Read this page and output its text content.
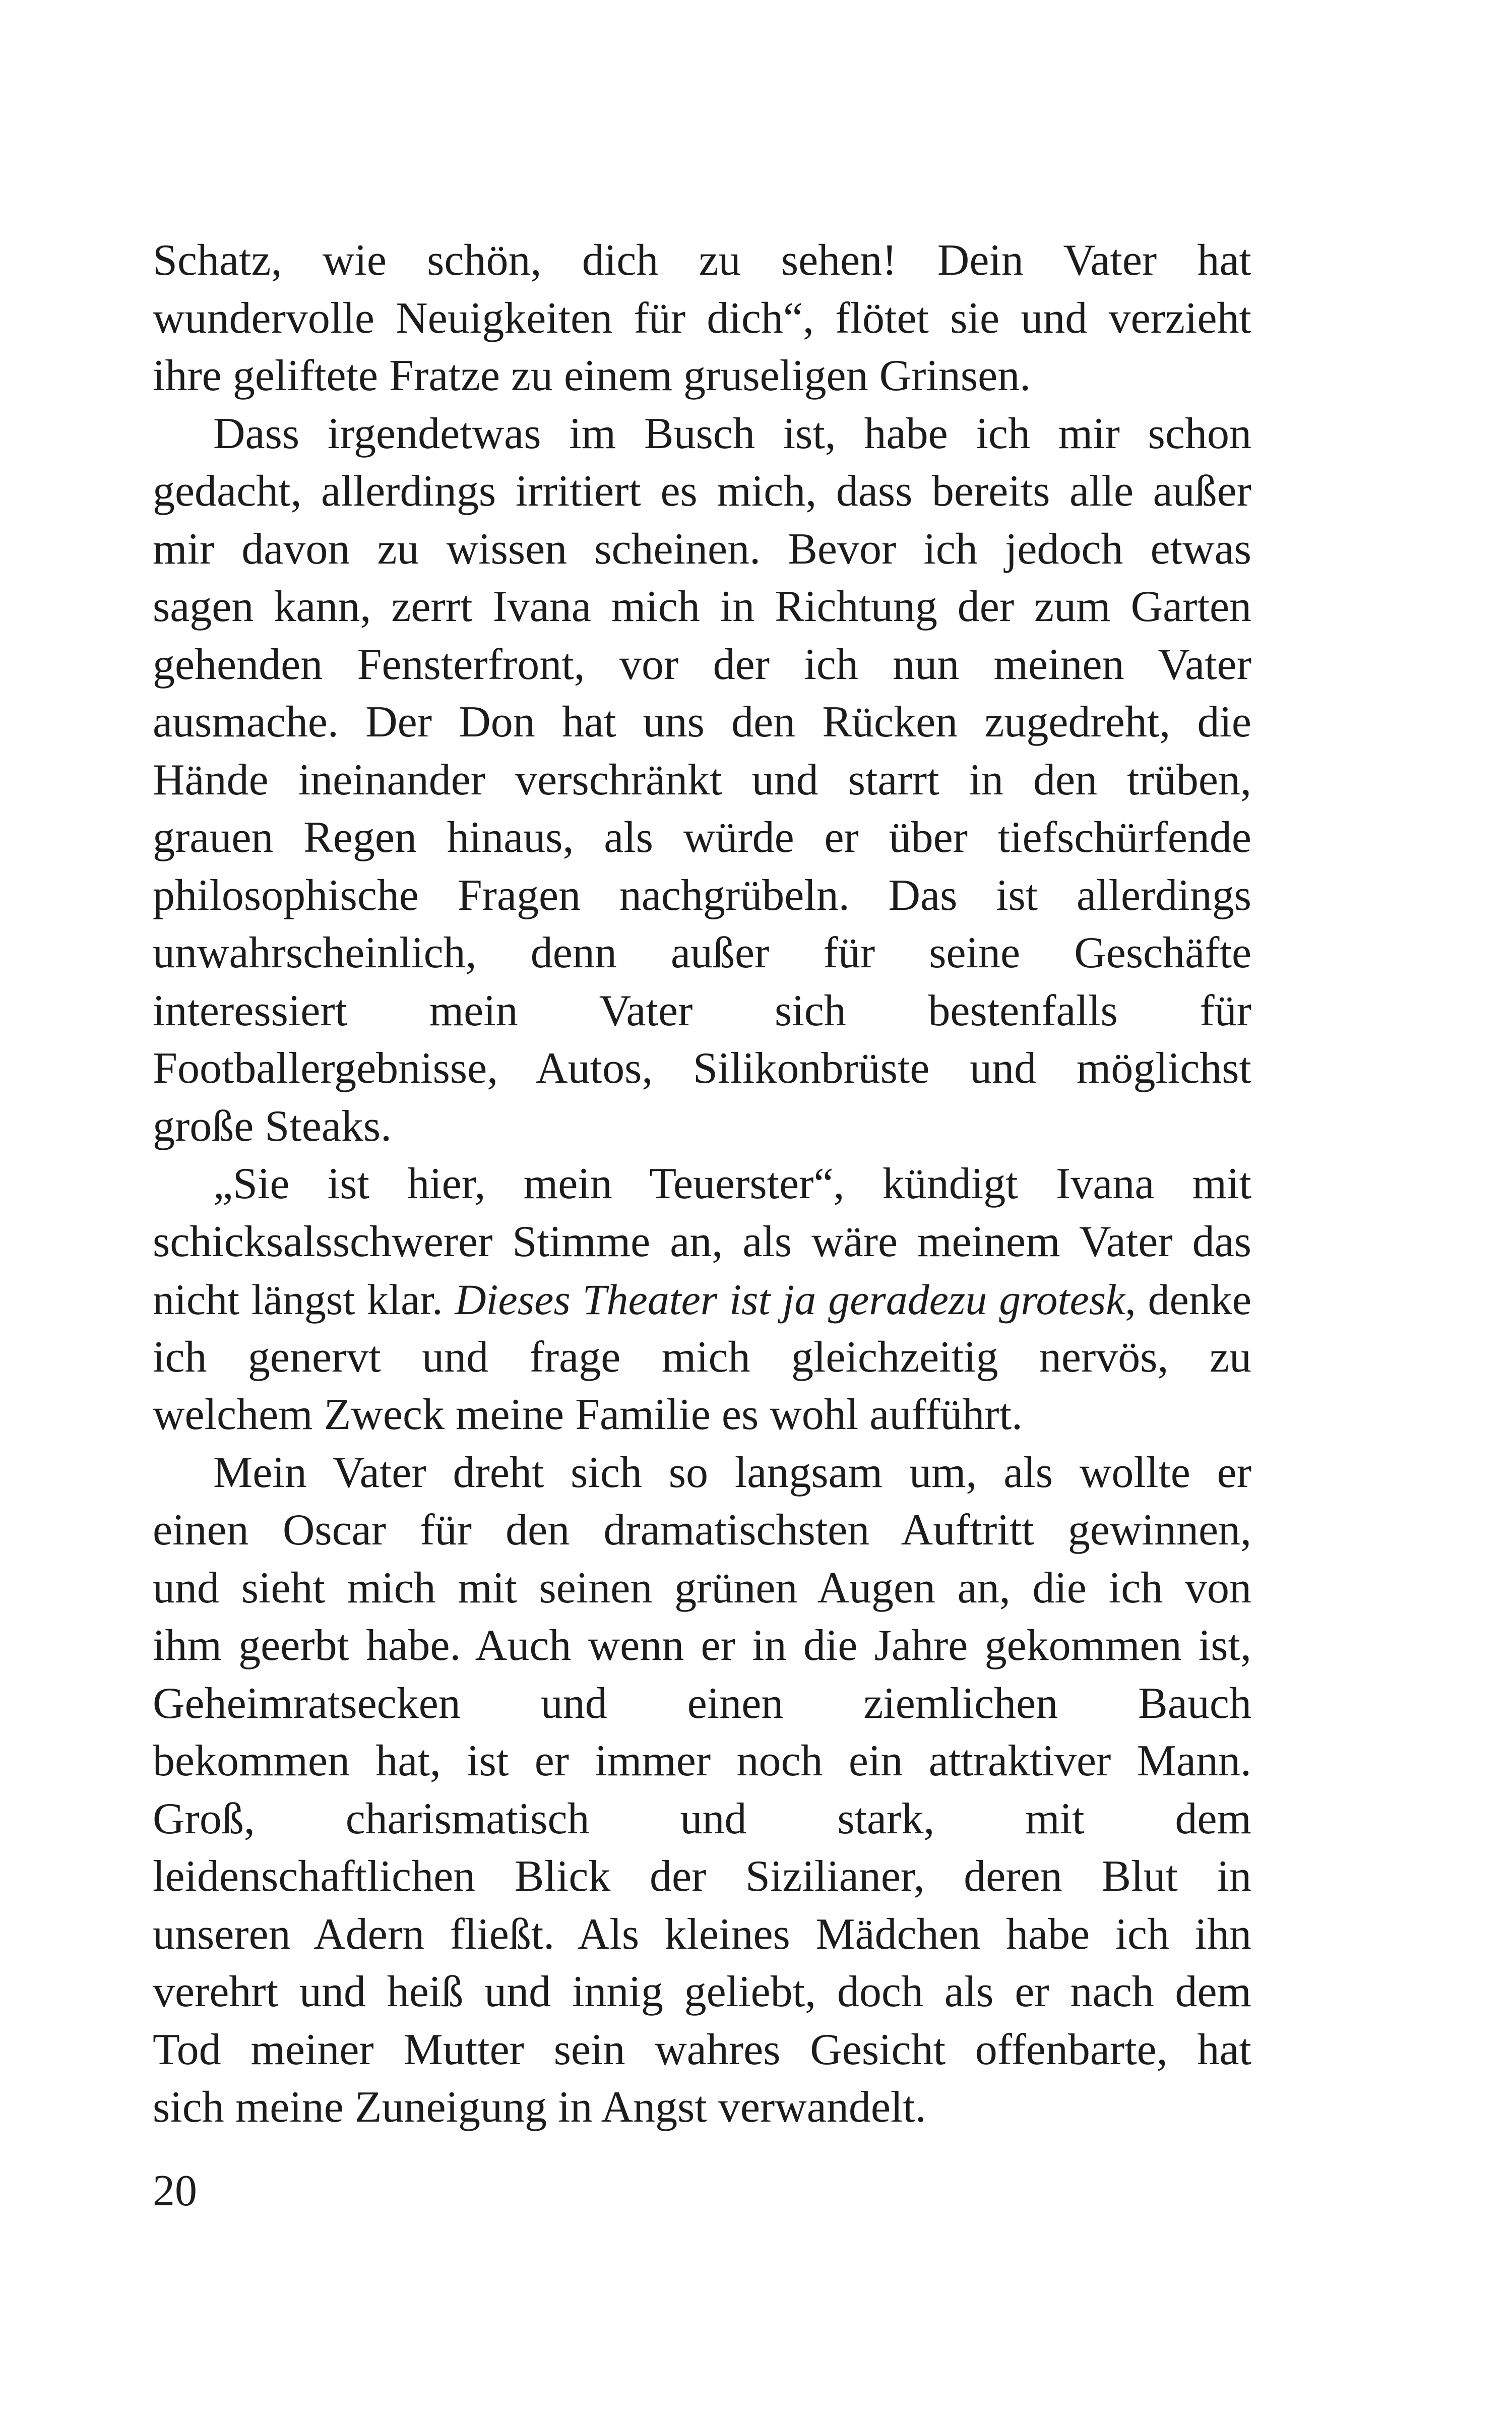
Schatz, wie schön, dich zu sehen! Dein Vater hat
wundervolle Neuigkeiten für dich“, flötet sie und verzieht
ihre geliftete Fratze zu einem gruseligen Grinsen.
Dass irgendetwas im Busch ist, habe ich mir schon
gedacht, allerdings irritiert es mich, dass bereits alle außer
mir davon zu wissen scheinen. Bevor ich jedoch etwas
sagen kann, zerrt Ivana mich in Richtung der zum Garten
gehenden Fensterfront, vor der ich nun meinen Vater
ausmache. Der Don hat uns den Rücken zugedreht, die
Hände ineinander verschränkt und starrt in den trüben,
grauen Regen hinaus, als würde er über tiefschürfende
philosophische Fragen nachgrübeln. Das ist allerdings
unwahrscheinlich, denn außer für seine Geschäfte
interessiert mein Vater sich bestenfalls für
Footballergebnisse, Autos, Silikonbrüste und möglichst
große Steaks.
„Sie ist hier, mein Teuerster“, kündigt Ivana mit
schicksalsschwerer Stimme an, als wäre meinem Vater das
nicht längst klar. Dieses Theater ist ja geradezu grotesk, denke
ich genervt und frage mich gleichzeitig nervös, zu
welchem Zweck meine Familie es wohl aufführt.
Mein Vater dreht sich so langsam um, als wollte er
einen Oscar für den dramatischsten Auftritt gewinnen,
und sieht mich mit seinen grünen Augen an, die ich von
ihm geerbt habe. Auch wenn er in die Jahre gekommen ist,
Geheimratsecken und einen ziemlichen Bauch
bekommen hat, ist er immer noch ein attraktiver Mann.
Groß, charismatisch und stark, mit dem
leidenschaftlichen Blick der Sizilianer, deren Blut in
unseren Adern fließt. Als kleines Mädchen habe ich ihn
verehrt und heiß und innig geliebt, doch als er nach dem
Tod meiner Mutter sein wahres Gesicht offenbarte, hat
sich meine Zuneigung in Angst verwandelt.
20
